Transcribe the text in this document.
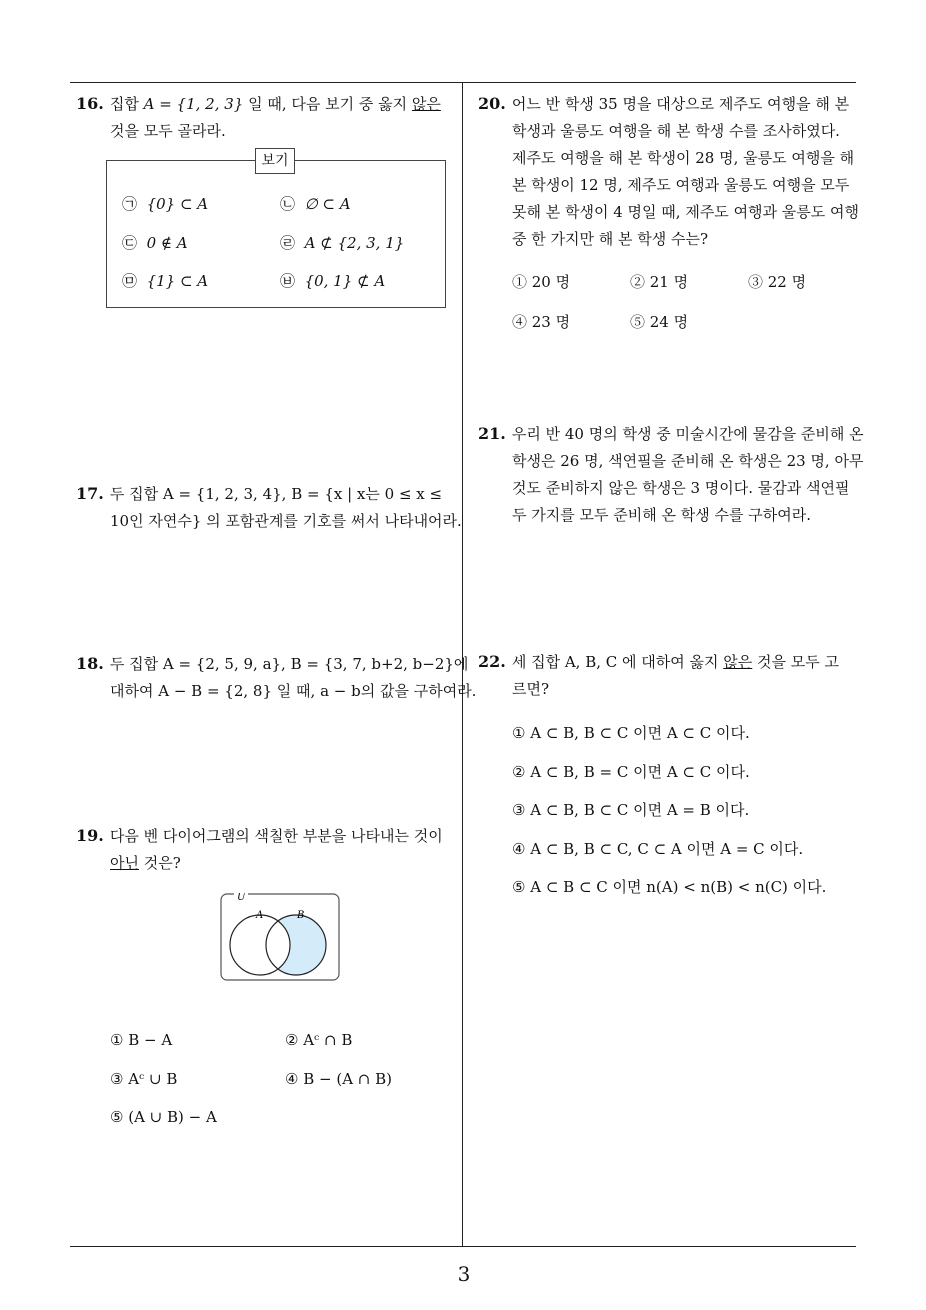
16. 집합 A = {1, 2, 3} 일 때, 다음 보기 중 옳지 않은
것을 모두 골라라.
보기
㉠ {0} ⊂ A	㉡ ∅ ⊂ A
㉢ 0 ∉ A	㉣ A ⊄ {2, 3, 1}
㉤ {1} ⊂ A	㉥ {0, 1} ⊄ A
17. 두 집합 A = {1, 2, 3, 4}, B = {x | x는 0 ≤ x ≤
10인 자연수} 의 포함관계를 기호를 써서 나타내어라.
18. 두 집합 A = {2, 5, 9, a}, B = {3, 7, b+2, b−2}에
대하여 A − B = {2, 8} 일 때, a − b의 값을 구하여라.
19. 다음 벤 다이어그램의 색칠한 부분을 나타내는 것이
아닌 것은?
U
A	B
① B − A	② Aᶜ ∩ B
③ Aᶜ ∪ B	④ B − (A ∩ B)
⑤ (A ∪ B) − A
20. 어느 반 학생 35 명을 대상으로 제주도 여행을 해 본
학생과 울릉도 여행을 해 본 학생 수를 조사하였다.
제주도 여행을 해 본 학생이 28 명, 울릉도 여행을 해
본 학생이 12 명, 제주도 여행과 울릉도 여행을 모두
못해 본 학생이 4 명일 때, 제주도 여행과 울릉도 여행
중 한 가지만 해 본 학생 수는?
① 20 명	② 21 명	③ 22 명
④ 23 명	⑤ 24 명
21. 우리 반 40 명의 학생 중 미술시간에 물감을 준비해 온
학생은 26 명, 색연필을 준비해 온 학생은 23 명, 아무
것도 준비하지 않은 학생은 3 명이다. 물감과 색연필
두 가지를 모두 준비해 온 학생 수를 구하여라.
22. 세 집합 A, B, C 에 대하여 옳지 않은 것을 모두 고
르면?
① A ⊂ B, B ⊂ C 이면 A ⊂ C 이다.
② A ⊂ B, B = C 이면 A ⊂ C 이다.
③ A ⊂ B, B ⊂ C 이면 A = B 이다.
④ A ⊂ B, B ⊂ C, C ⊂ A 이면 A = C 이다.
⑤ A ⊂ B ⊂ C 이면 n(A) < n(B) < n(C) 이다.
3
